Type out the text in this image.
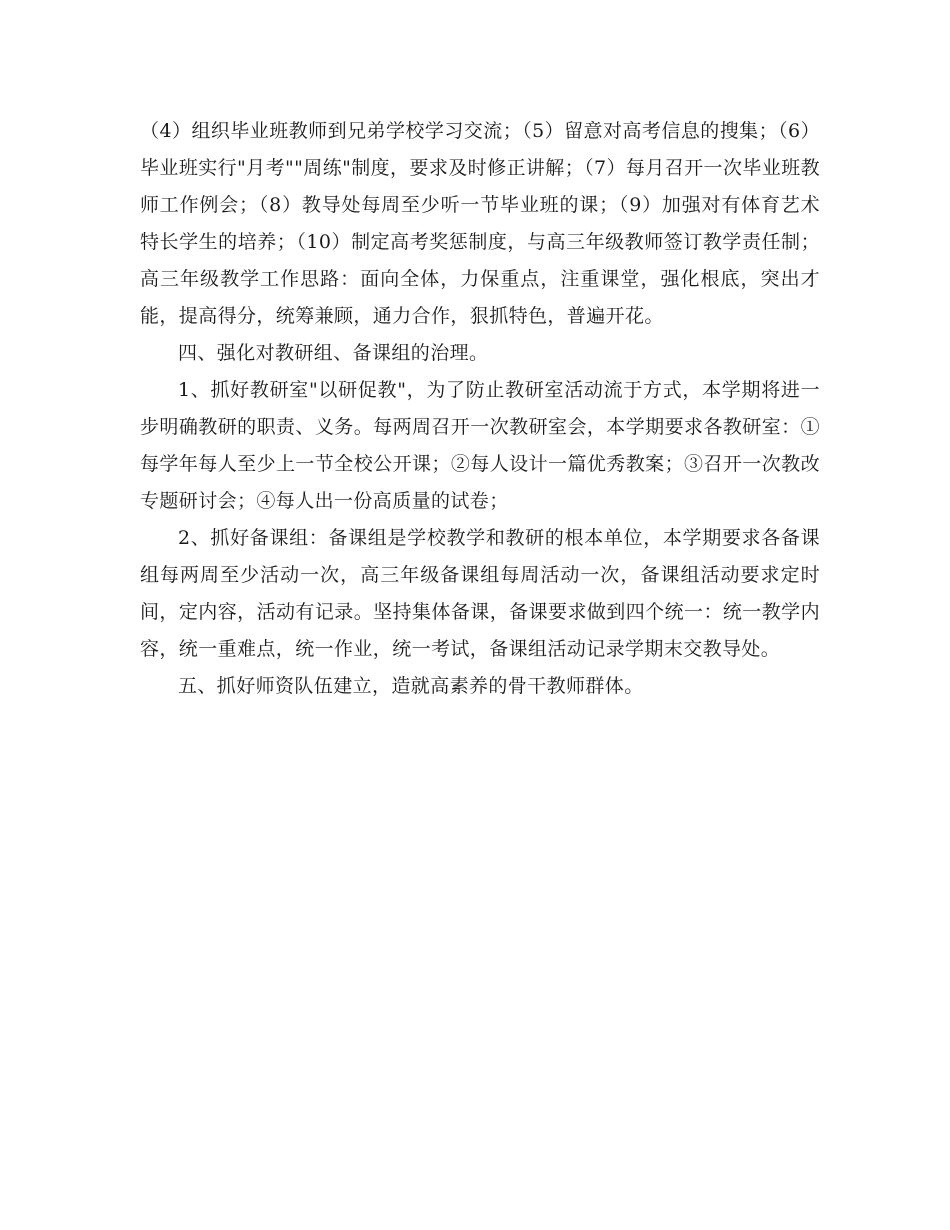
（4）组织毕业班教师到兄弟学校学习交流；（5）留意对高考信息的搜集；（6）毕业班实行"月考""周练"制度，要求及时修正讲解；（7）每月召开一次毕业班教师工作例会；（8）教导处每周至少听一节毕业班的课；（9）加强对有体育艺术特长学生的培养；（10）制定高考奖惩制度，与高三年级教师签订教学责任制；高三年级教学工作思路：面向全体，力保重点，注重课堂，强化根底，突出才能，提高得分，统筹兼顾，通力合作，狠抓特色，普遍开花。

四、强化对教研组、备课组的治理。

1、抓好教研室"以研促教"，为了防止教研室活动流于方式，本学期将进一步明确教研的职责、义务。每两周召开一次教研室会，本学期要求各教研室：①每学年每人至少上一节全校公开课；②每人设计一篇优秀教案；③召开一次教改专题研讨会；④每人出一份高质量的试卷；

2、抓好备课组：备课组是学校教学和教研的根本单位，本学期要求各备课组每两周至少活动一次，高三年级备课组每周活动一次，备课组活动要求定时间，定内容，活动有记录。坚持集体备课，备课要求做到四个统一：统一教学内容，统一重难点，统一作业，统一考试，备课组活动记录学期末交教导处。

五、抓好师资队伍建立，造就高素养的骨干教师群体。
